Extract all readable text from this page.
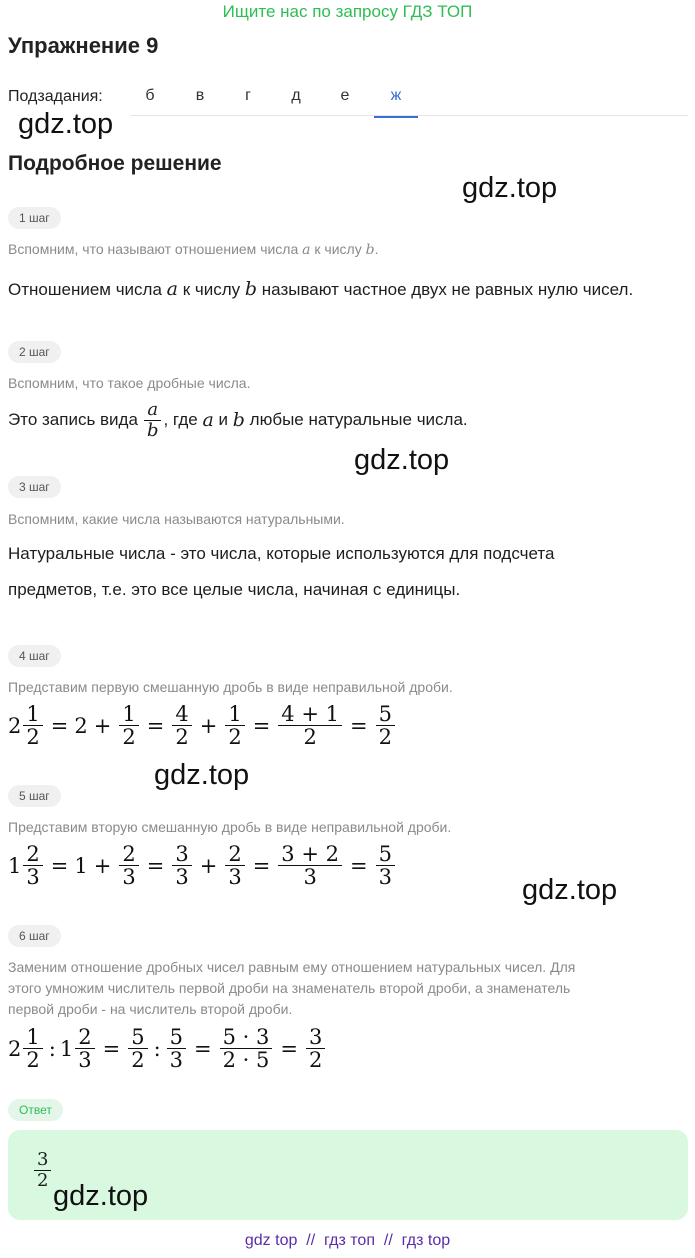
Ищите нас по запросу ГДЗ ТОП
Упражнение 9
Подзадания:	б	в	г	д	е	ж
gdz.top
Подробное решение
gdz.top
1 шаг
Вспомним, что называют отношением числа a к числу b.
Отношением числа a к числу b называют частное двух не равных нулю чисел.
2 шаг
Вспомним, что такое дробные числа.
Это запись вида $\frac{a}{b}$ , где
a
и
b
любые натуральные числа.
gdz.top
3 шаг
Вспомним, какие числа называются натуральными.
Натуральные числа - это числа, которые используются для подсчета
предметов, т.е. это все целые числа, начиная с единицы.
4 шаг
Представим первую смешанную дробь в виде неправильной дроби.
$2 \frac{1}{2} = 2 + \frac{1}{2} = \frac{4}{2} + \frac{1}{2} = \frac{4 + 1}{2} = \frac{5}{2}$
gdz.top
5 шаг
Представим вторую смешанную дробь в виде неправильной дроби.
$1 \frac{2}{3} = 1 + \frac{2}{3} = \frac{3}{3} + \frac{2}{3} = \frac{3 + 2}{3} = \frac{5}{3}$
gdz.top
6 шаг
Заменим отношение дробных чисел равным ему отношением натуральных чисел. Для
этого умножим числитель первой дроби на знаменатель второй дроби, а знаменатель
первой дроби - на числитель второй дроби.
$2 \frac{1}{2}$ : $1 \frac{2}{3} = \frac{5}{2}$ : $\frac{5}{3} = \frac{5 \cdot 3}{2 \cdot 5} = \frac{3}{2}$
Ответ
$\frac{3}{2}$
gdz.top
gdz top  //  гдз топ  //  гдз top
